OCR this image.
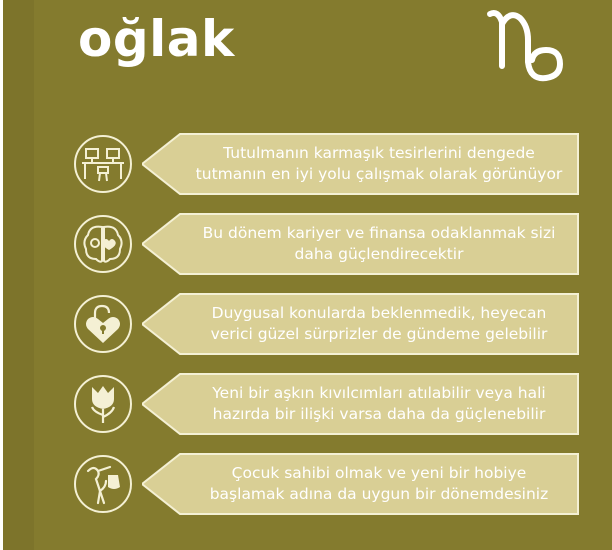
oğlak
Tutulmanın karmaşık tesirlerini dengede
tutmanın en iyi yolu çalışmak olarak görünüyor
Bu dönem kariyer ve finansa odaklanmak sizi
daha güçlendirecektir
Duygusal konularda beklenmedik, heyecan
verici güzel sürprizler de gündeme gelebilir
Yeni bir aşkın kıvılcımları atılabilir veya hali
hazırda bir ilişki varsa daha da güçlenebilir
Çocuk sahibi olmak ve yeni bir hobiye
başlamak adına da uygun bir dönemdesiniz
